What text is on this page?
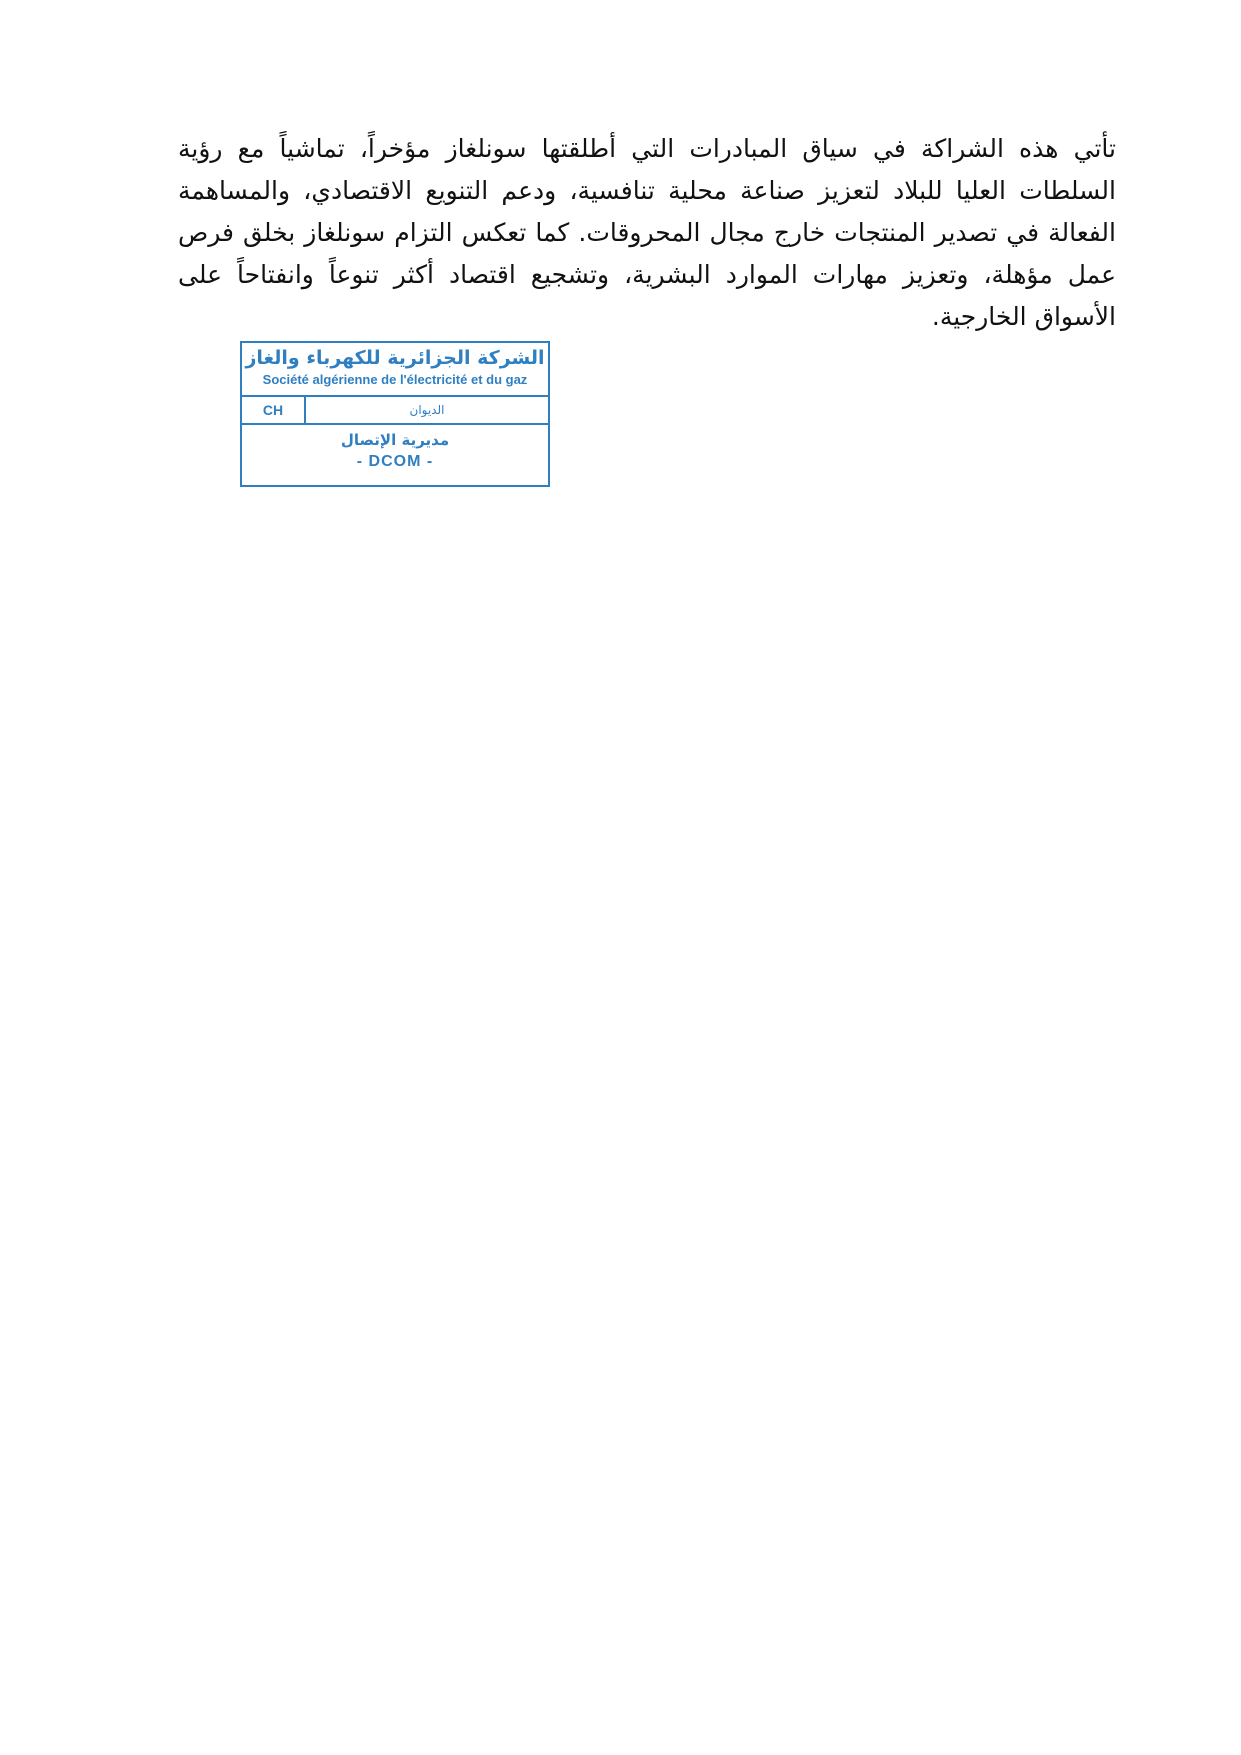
تأتي هذه الشراكة في سياق المبادرات التي أطلقتها سونلغاز مؤخراً، تماشياً مع رؤية السلطات العليا للبلاد لتعزيز صناعة محلية تنافسية، ودعم التنويع الاقتصادي، والمساهمة الفعالة في تصدير المنتجات خارج مجال المحروقات. كما تعكس التزام سونلغاز بخلق فرص عمل مؤهلة، وتعزيز مهارات الموارد البشرية، وتشجيع اقتصاد أكثر تنوعاً وانفتاحاً على الأسواق الخارجية.

الشركة الجزائرية للكهرباء والغاز
Société algérienne de l'électricité et du gaz
CH	الديوان
مديرية الإتصال
- DCOM -
